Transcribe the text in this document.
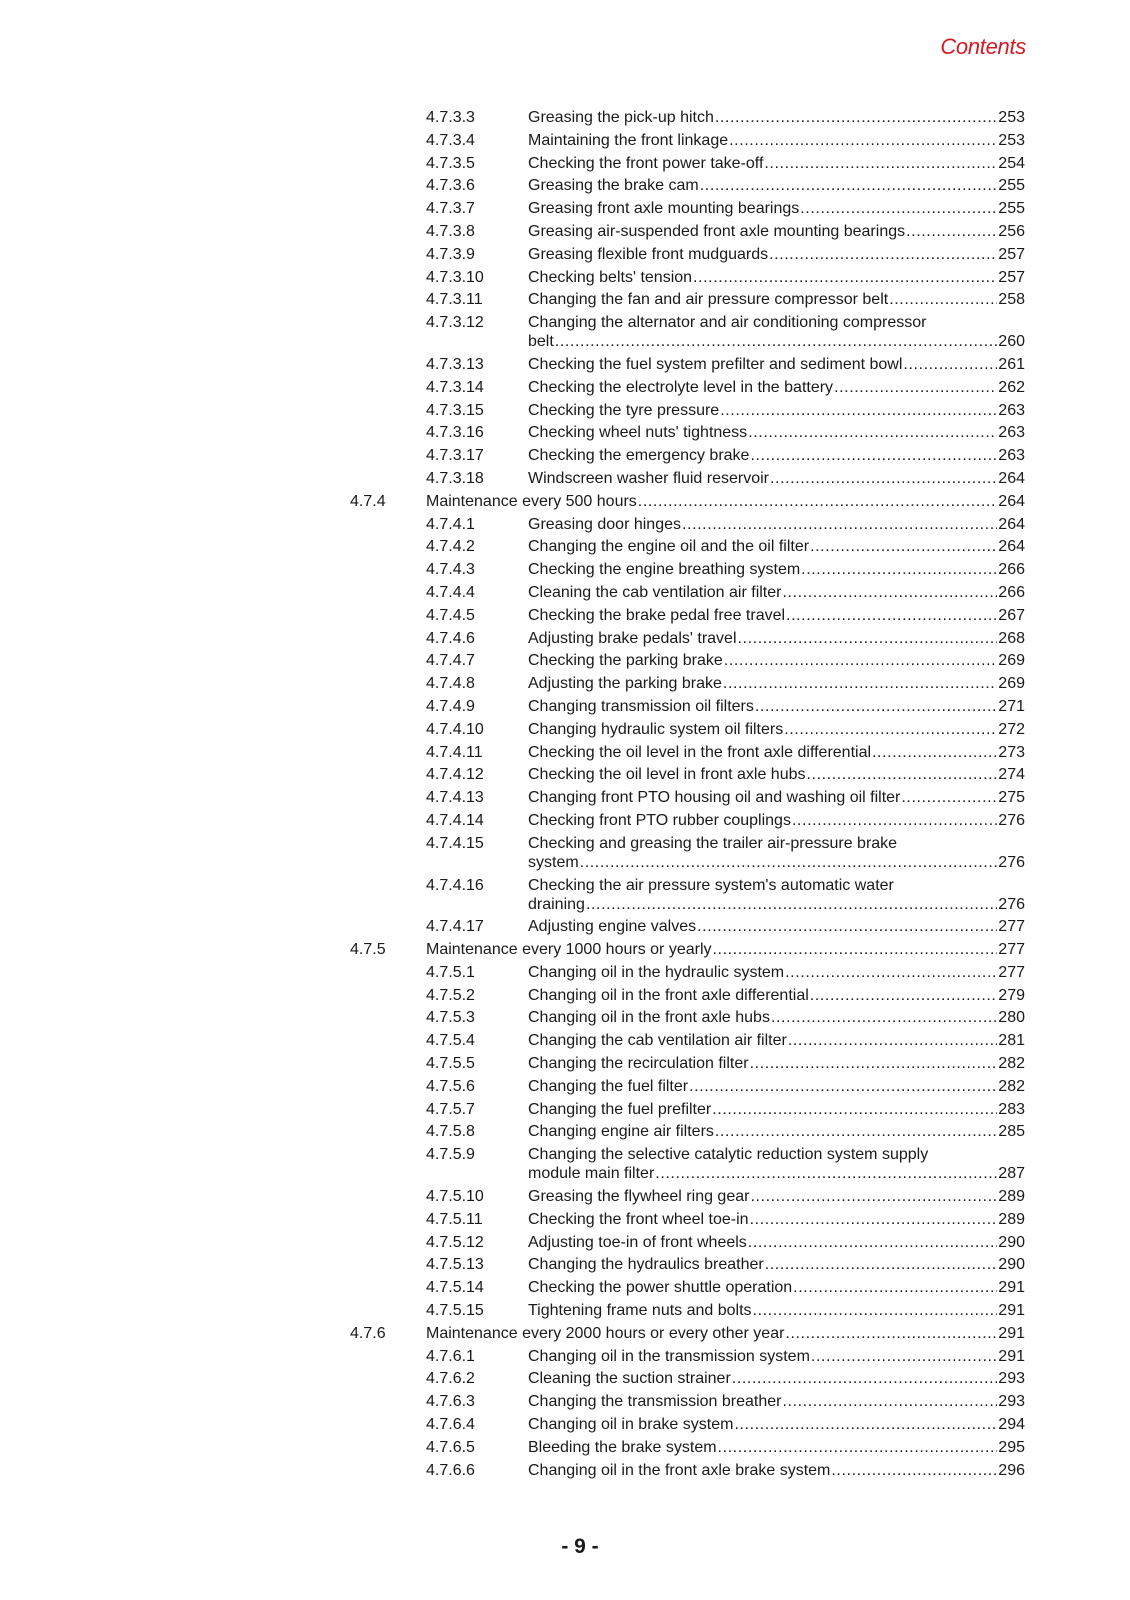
Contents
4.7.3.3	Greasing the pick-up hitch .....	253
4.7.3.4	Maintaining the front linkage .....	253
4.7.3.5	Checking the front power take-off .....	254
4.7.3.6	Greasing the brake cam .....	255
4.7.3.7	Greasing front axle mounting bearings .....	255
4.7.3.8	Greasing air-suspended front axle mounting bearings .....	256
4.7.3.9	Greasing flexible front mudguards .....	257
4.7.3.10	Checking belts' tension .....	257
4.7.3.11	Changing the fan and air pressure compressor belt .....	258
4.7.3.12	Changing the alternator and air conditioning compressor
belt .....	260
4.7.3.13	Checking the fuel system prefilter and sediment bowl .....	261
4.7.3.14	Checking the electrolyte level in the battery .....	262
4.7.3.15	Checking the tyre pressure .....	263
4.7.3.16	Checking wheel nuts' tightness .....	263
4.7.3.17	Checking the emergency brake .....	263
4.7.3.18	Windscreen washer fluid reservoir .....	264
4.7.4	Maintenance every 500 hours .....	264
4.7.4.1	Greasing door hinges .....	264
4.7.4.2	Changing the engine oil and the oil filter .....	264
4.7.4.3	Checking the engine breathing system .....	266
4.7.4.4	Cleaning the cab ventilation air filter .....	266
4.7.4.5	Checking the brake pedal free travel .....	267
4.7.4.6	Adjusting brake pedals' travel .....	268
4.7.4.7	Checking the parking brake .....	269
4.7.4.8	Adjusting the parking brake .....	269
4.7.4.9	Changing transmission oil filters .....	271
4.7.4.10	Changing hydraulic system oil filters .....	272
4.7.4.11	Checking the oil level in the front axle differential .....	273
4.7.4.12	Checking the oil level in front axle hubs .....	274
4.7.4.13	Changing front PTO housing oil and washing oil filter .....	275
4.7.4.14	Checking front PTO rubber couplings .....	276
4.7.4.15	Checking and greasing the trailer air-pressure brake
system .....	276
4.7.4.16	Checking the air pressure system's automatic water
draining .....	276
4.7.4.17	Adjusting engine valves .....	277
4.7.5	Maintenance every 1000 hours or yearly .....	277
4.7.5.1	Changing oil in the hydraulic system .....	277
4.7.5.2	Changing oil in the front axle differential .....	279
4.7.5.3	Changing oil in the front axle hubs .....	280
4.7.5.4	Changing the cab ventilation air filter .....	281
4.7.5.5	Changing the recirculation filter .....	282
4.7.5.6	Changing the fuel filter .....	282
4.7.5.7	Changing the fuel prefilter .....	283
4.7.5.8	Changing engine air filters .....	285
4.7.5.9	Changing the selective catalytic reduction system supply
module main filter .....	287
4.7.5.10	Greasing the flywheel ring gear .....	289
4.7.5.11	Checking the front wheel toe-in .....	289
4.7.5.12	Adjusting toe-in of front wheels .....	290
4.7.5.13	Changing the hydraulics breather .....	290
4.7.5.14	Checking the power shuttle operation .....	291
4.7.5.15	Tightening frame nuts and bolts .....	291
4.7.6	Maintenance every 2000 hours or every other year .....	291
4.7.6.1	Changing oil in the transmission system .....	291
4.7.6.2	Cleaning the suction strainer .....	293
4.7.6.3	Changing the transmission breather .....	293
4.7.6.4	Changing oil in brake system .....	294
4.7.6.5	Bleeding the brake system .....	295
4.7.6.6	Changing oil in the front axle brake system .....	296
- 9 -
